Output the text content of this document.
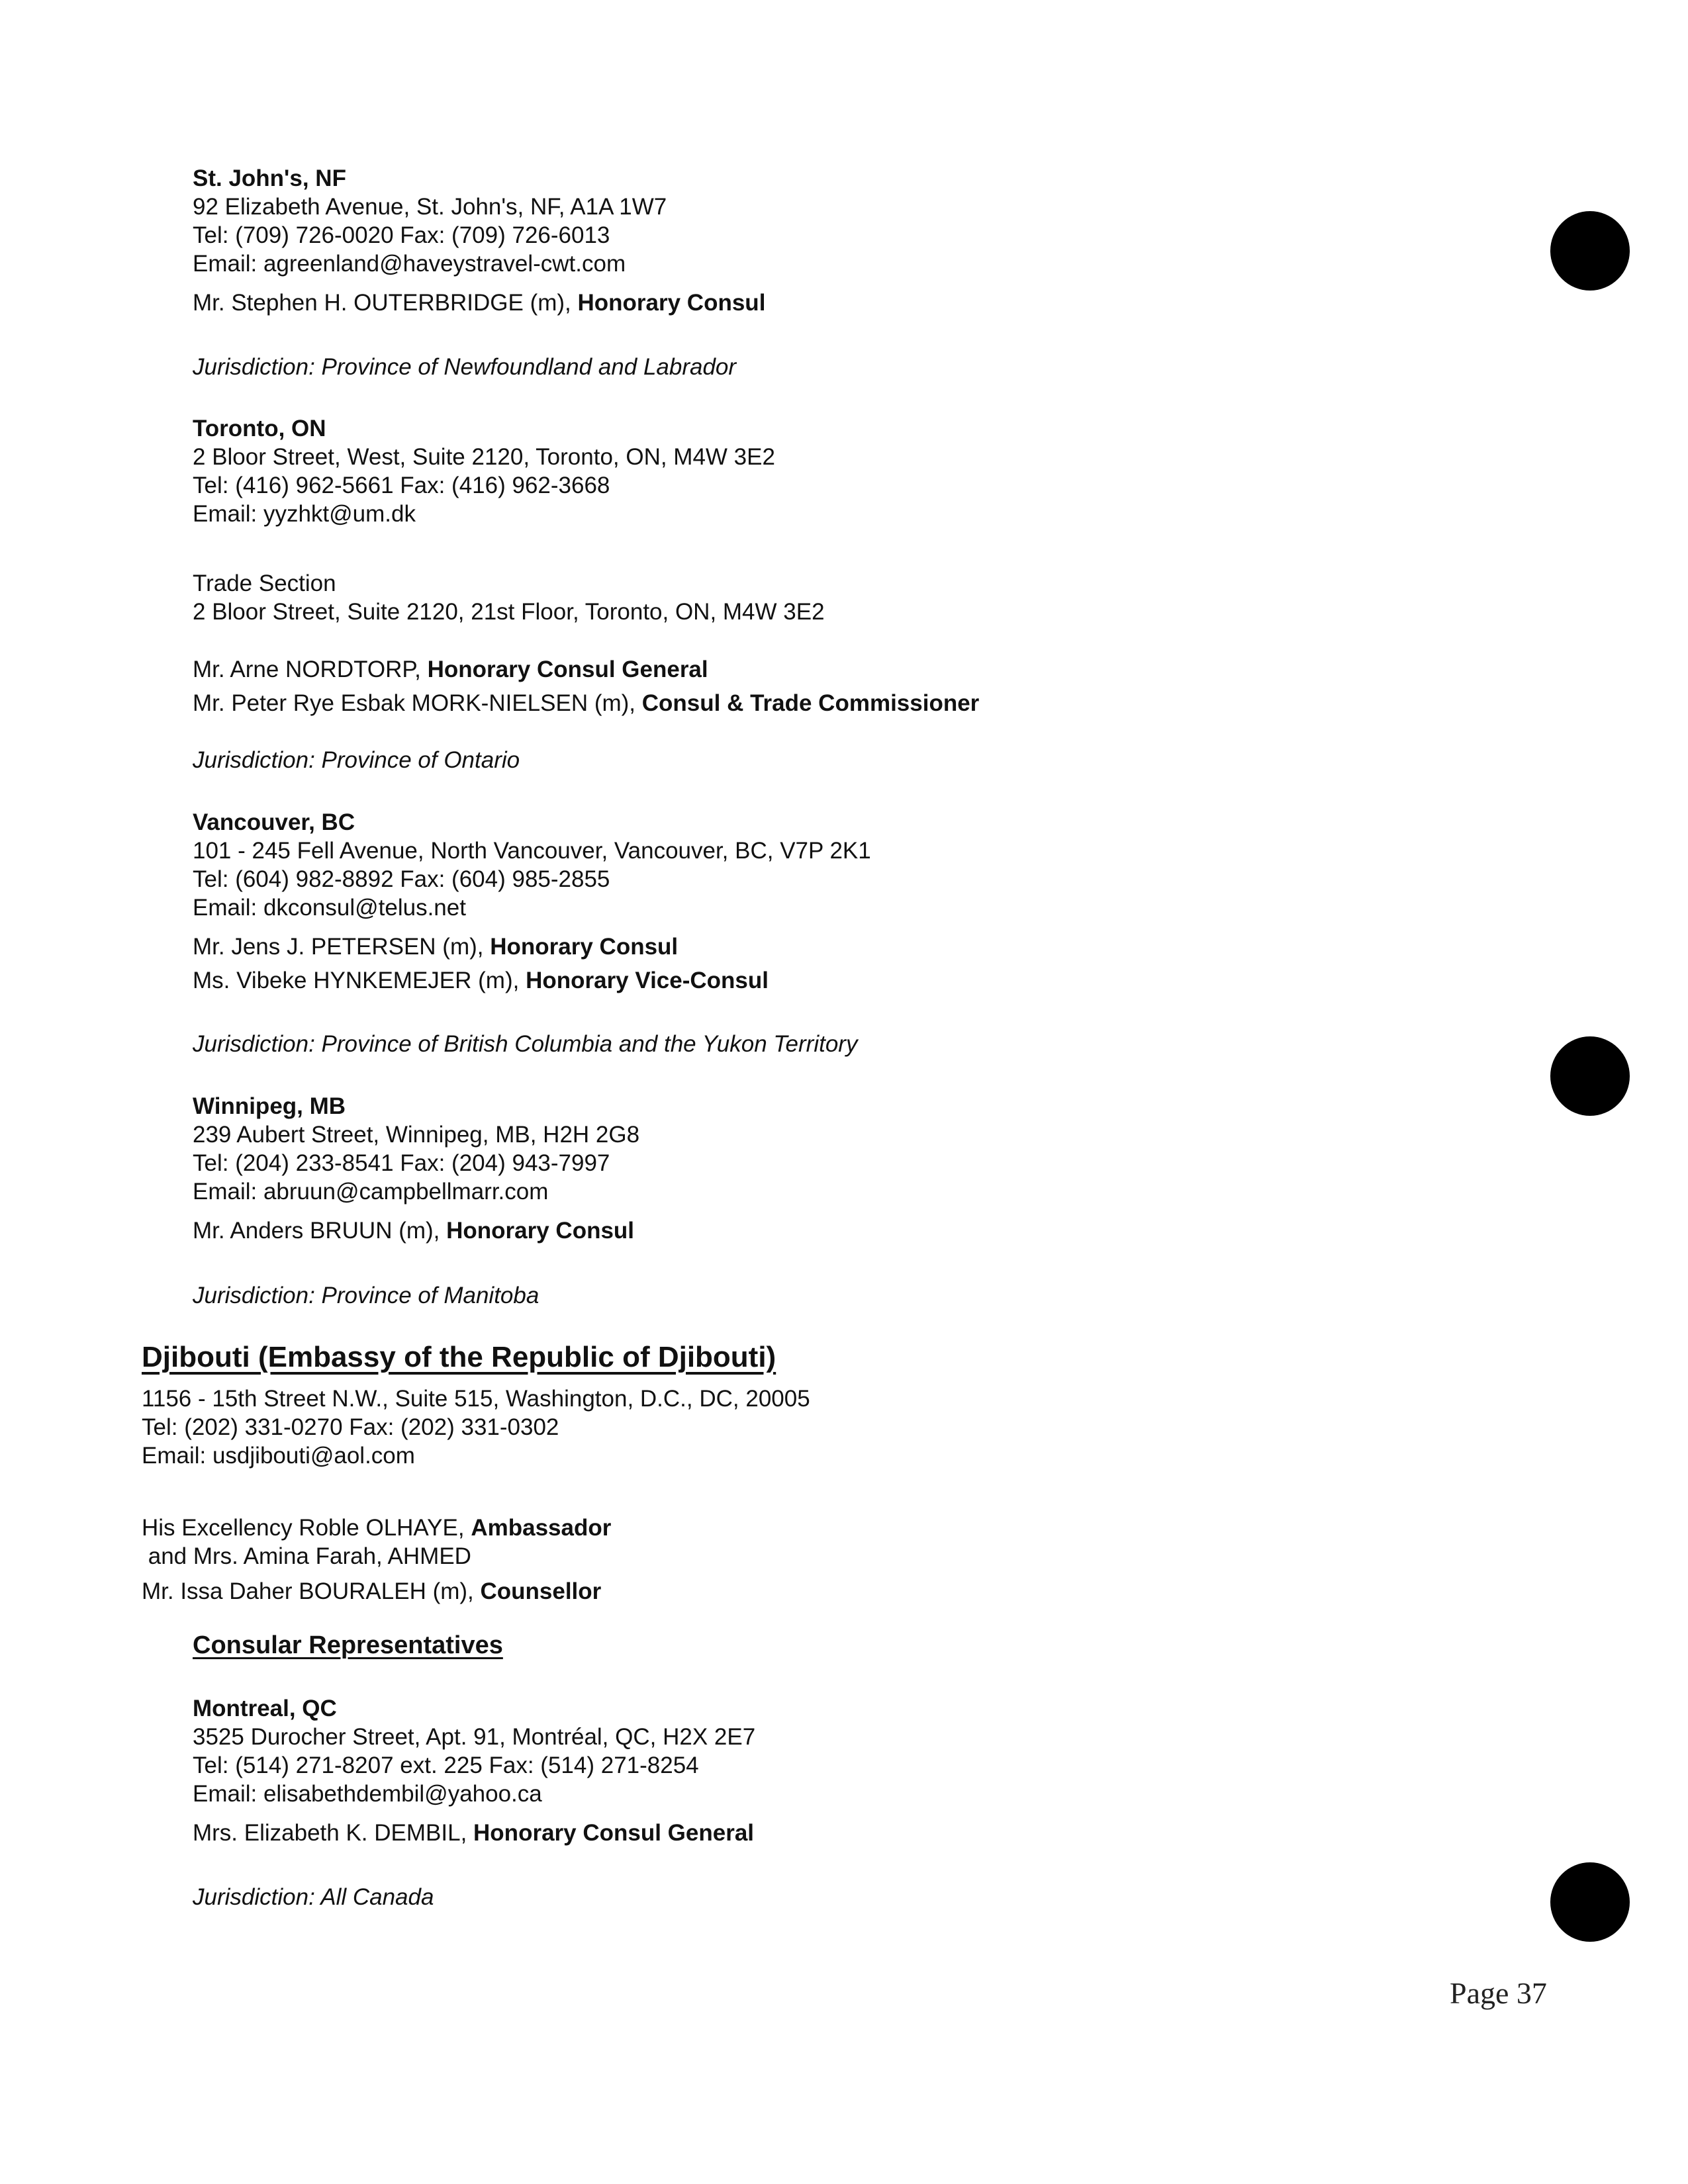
St. John's, NF
92 Elizabeth Avenue, St. John's, NF, A1A 1W7
Tel: (709) 726-0020 Fax: (709) 726-6013
Email: agreenland@haveystravel-cwt.com
Mr. Stephen H. OUTERBRIDGE (m), Honorary Consul
Jurisdiction: Province of Newfoundland and Labrador
Toronto, ON
2 Bloor Street, West, Suite 2120, Toronto, ON, M4W 3E2
Tel: (416) 962-5661 Fax: (416) 962-3668
Email: yyzhkt@um.dk
Trade Section
2 Bloor Street, Suite 2120, 21st Floor, Toronto, ON, M4W 3E2
Mr. Arne NORDTORP, Honorary Consul General
Mr. Peter Rye Esbak MORK-NIELSEN (m), Consul & Trade Commissioner
Jurisdiction: Province of Ontario
Vancouver, BC
101 - 245 Fell Avenue, North Vancouver, Vancouver, BC, V7P 2K1
Tel: (604) 982-8892 Fax: (604) 985-2855
Email: dkconsul@telus.net
Mr. Jens J. PETERSEN (m), Honorary Consul
Ms. Vibeke HYNKEMEJER (m), Honorary Vice-Consul
Jurisdiction: Province of British Columbia and the Yukon Territory
Winnipeg, MB
239 Aubert Street, Winnipeg, MB, H2H 2G8
Tel: (204) 233-8541 Fax: (204) 943-7997
Email: abruun@campbellmarr.com
Mr. Anders BRUUN (m), Honorary Consul
Jurisdiction: Province of Manitoba
Djibouti (Embassy of the Republic of Djibouti)
1156 - 15th Street N.W., Suite 515, Washington, D.C., DC, 20005
Tel: (202) 331-0270 Fax: (202) 331-0302
Email: usdjibouti@aol.com
His Excellency Roble OLHAYE, Ambassador
and Mrs. Amina Farah, AHMED
Mr. Issa Daher BOURALEH (m), Counsellor
Consular Representatives
Montreal, QC
3525 Durocher Street, Apt. 91, Montréal, QC, H2X 2E7
Tel: (514) 271-8207 ext. 225 Fax: (514) 271-8254
Email: elisabethdembil@yahoo.ca
Mrs. Elizabeth K. DEMBIL, Honorary Consul General
Jurisdiction: All Canada
Page 37
